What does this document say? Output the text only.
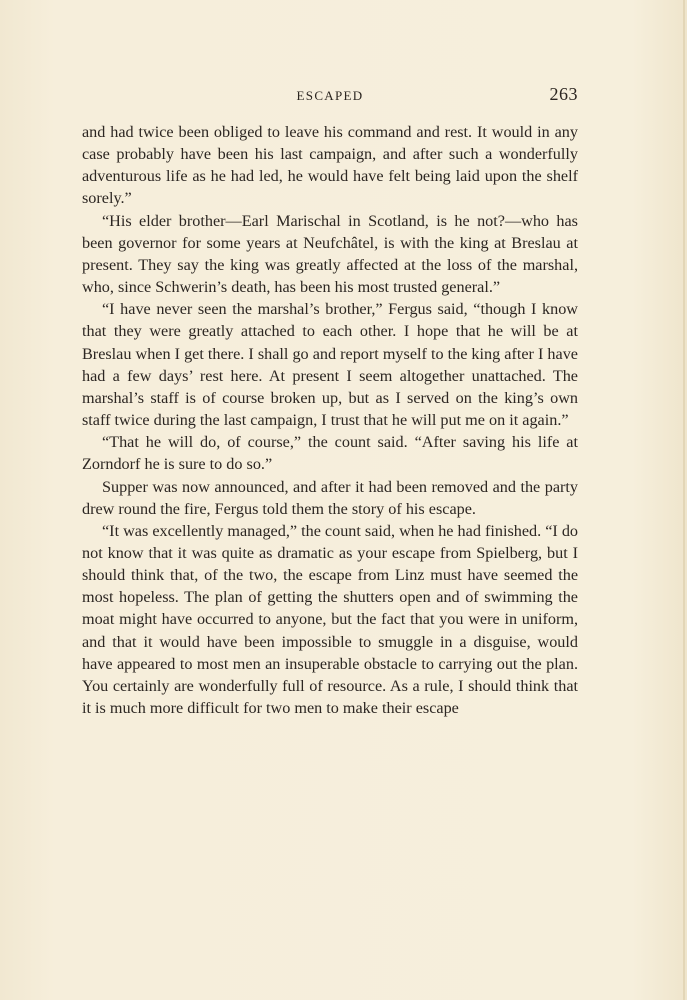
ESCAPED	263

and had twice been obliged to leave his command and rest. It would in any case probably have been his last campaign, and after such a wonderfully adventurous life as he had led, he would have felt being laid upon the shelf sorely.”

“His elder brother—Earl Marischal in Scotland, is he not?—who has been governor for some years at Neufchâtel, is with the king at Breslau at present. They say the king was greatly affected at the loss of the marshal, who, since Schwerin’s death, has been his most trusted general.”

“I have never seen the marshal’s brother,” Fergus said, “though I know that they were greatly attached to each other. I hope that he will be at Breslau when I get there. I shall go and report myself to the king after I have had a few days’ rest here. At present I seem altogether unattached. The marshal’s staff is of course broken up, but as I served on the king’s own staff twice during the last campaign, I trust that he will put me on it again.”

“That he will do, of course,” the count said. “After saving his life at Zorndorf he is sure to do so.”

Supper was now announced, and after it had been removed and the party drew round the fire, Fergus told them the story of his escape.

“It was excellently managed,” the count said, when he had finished. “I do not know that it was quite as dramatic as your escape from Spielberg, but I should think that, of the two, the escape from Linz must have seemed the most hopeless. The plan of getting the shutters open and of swimming the moat might have occurred to anyone, but the fact that you were in uniform, and that it would have been impossible to smuggle in a disguise, would have appeared to most men an insuperable obstacle to carrying out the plan. You certainly are wonderfully full of resource. As a rule, I should think that it is much more difficult for two men to make their escape
